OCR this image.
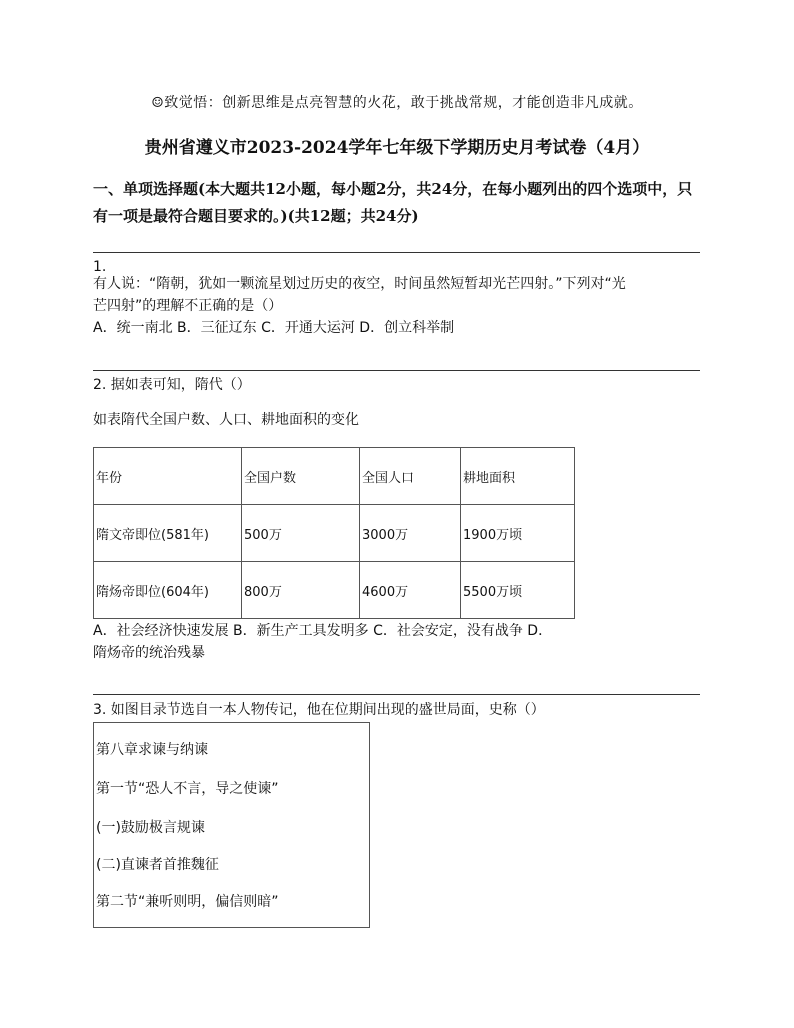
☺致觉悟：创新思维是点亮智慧的火花，敢于挑战常规，才能创造非凡成就。
贵州省遵义市2023-2024学年七年级下学期历史月考试卷（4月）
一、单项选择题(本大题共12小题，每小题2分，共24分，在每小题列出的四个选项中，只有一项是最符合题目要求的。)(共12题；共24分)
1.
有人说：“隋朝，犹如一颗流星划过历史的夜空，时间虽然短暂却光芒四射。”下列对“光
芒四射”的理解不正确的是（）
A．统一南北 B．三征辽东 C．开通大运河 D．创立科举制
2. 据如表可知，隋代（）
如表隋代全国户数、人口、耕地面积的变化
年份	全国户数	全国人口	耕地面积
隋文帝即位(581年)	500万	3000万	1900万顷
隋炀帝即位(604年)	800万	4600万	5500万顷
A．社会经济快速发展 B．新生产工具发明多 C．社会安定，没有战争 D．
隋炀帝的统治残暴
3. 如图目录节选自一本人物传记，他在位期间出现的盛世局面，史称（）
第八章求谏与纳谏
第一节“恐人不言，导之使谏”
(一)鼓励极言规谏
(二)直谏者首推魏征
第二节“兼听则明，偏信则暗”
